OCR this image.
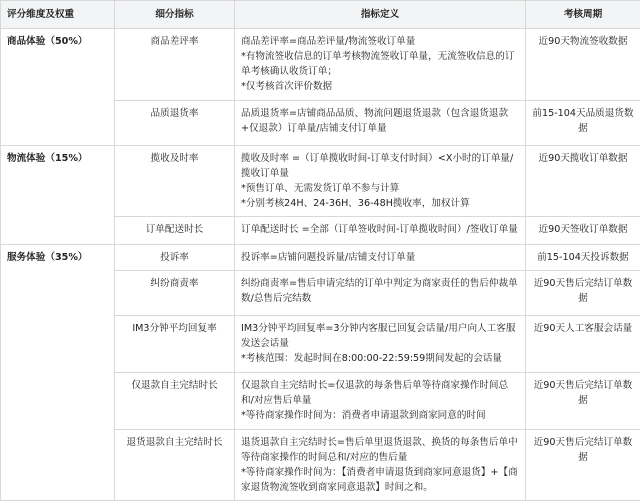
评分维度及权重	细分指标	指标定义	考核周期
商品体验（50%）	商品差评率	商品差评率=商品差评量/物流签收订单量
*有物流签收信息的订单考核物流签收订单量，无流签收信息的订单考核确认收货订单；
*仅考核首次评价数据	近90天物流签收数据
	品质退货率	品质退货率=店铺商品品质、物流问题退货退款（包含退货退款+仅退款）订单量/店铺支付订单量	前15-104天品质退货数据
物流体验（15%）	揽收及时率	揽收及时率 =（订单揽收时间-订单支付时间）<X小时的订单量/揽收订单量
*预售订单、无需发货订单不参与计算
*分别考核24H、24-36H、36-48H揽收率，加权计算	近90天揽收订单数据
	订单配送时长	订单配送时长 =全部（订单签收时间-订单揽收时间）/签收订单量	近90天签收订单数据
服务体验（35%）	投诉率	投诉率=店铺问题投诉量/店铺支付订单量	前15-104天投诉数据
	纠纷商责率	纠纷商责率=售后申请完结的订单中判定为商家责任的售后仲裁单数/总售后完结数	近90天售后完结订单数据
	IM3分钟平均回复率	IM3分钟平均回复率=3分钟内客服已回复会话量/用户向人工客服发送会话量
*考核范围：发起时间在8:00:00-22:59:59期间发起的会话量	近90天人工客服会话量
	仅退款自主完结时长	仅退款自主完结时长=仅退款的每条售后单等待商家操作时间总和/对应售后单量
*等待商家操作时间为：消费者申请退款到商家同意的时间	近90天售后完结订单数据
	退货退款自主完结时长	退货退款自主完结时长=售后单里退货退款、换货的每条售后单中等待商家操作的时间总和/对应的售后量
*等待商家操作时间为：【消费者申请退货到商家同意退货】+【商家退货物流签收到商家同意退款】时间之和。	近90天售后完结订单数据
